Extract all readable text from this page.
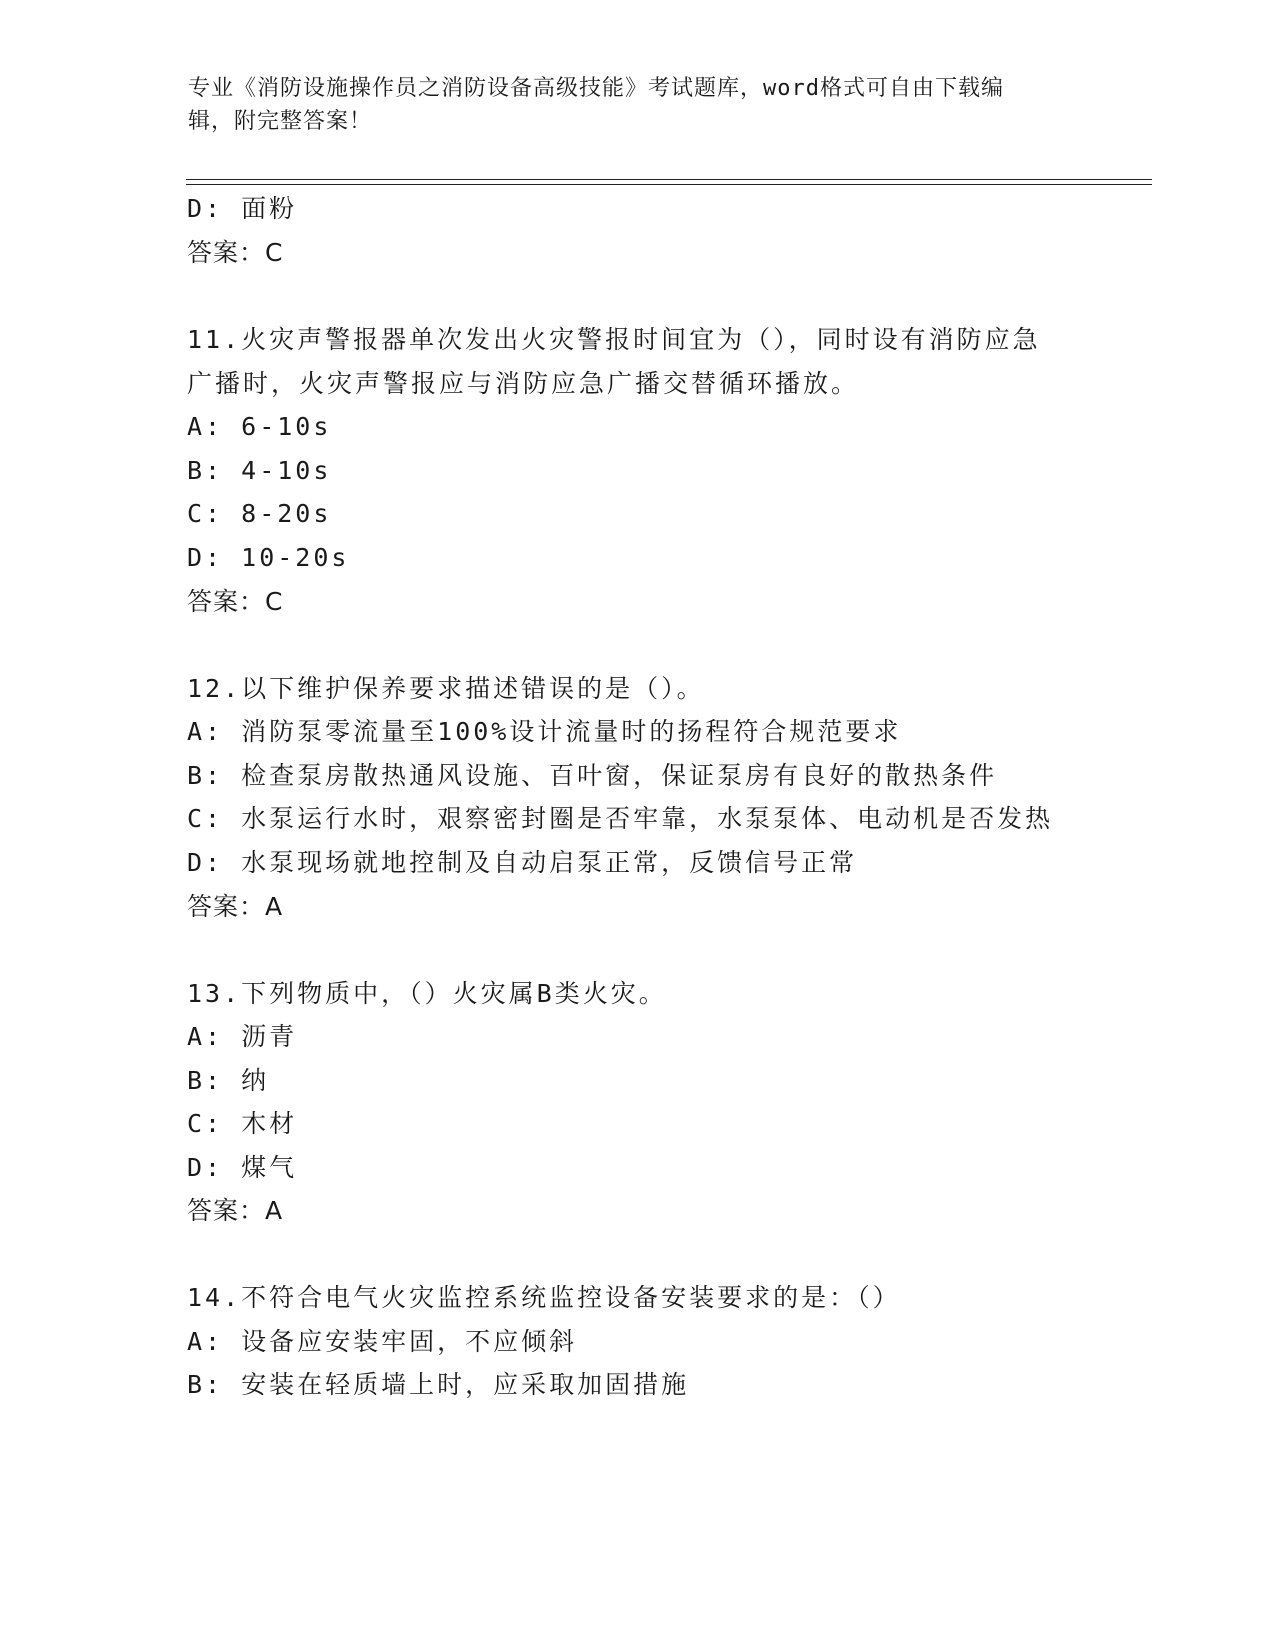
专业《消防设施操作员之消防设备高级技能》考试题库，word格式可自由下载编
辑，附完整答案！
D: 面粉
答案：C
11.火灾声警报器单次发出火灾警报时间宜为（），同时设有消防应急
广播时，火灾声警报应与消防应急广播交替循环播放。
A: 6-10s
B: 4-10s
C: 8-20s
D: 10-20s
答案：C
12.以下维护保养要求描述错误的是（）。
A: 消防泵零流量至100%设计流量时的扬程符合规范要求
B: 检查泵房散热通风设施、百叶窗，保证泵房有良好的散热条件
C: 水泵运行水时，艰察密封圈是否牢靠，水泵泵体、电动机是否发热
D: 水泵现场就地控制及自动启泵正常，反馈信号正常
答案：A
13.下列物质中，（）火灾属B类火灾。
A: 沥青
B: 纳
C: 木材
D: 煤气
答案：A
14.不符合电气火灾监控系统监控设备安装要求的是：（）
A: 设备应安装牢固，不应倾斜
B: 安装在轻质墙上时，应采取加固措施
